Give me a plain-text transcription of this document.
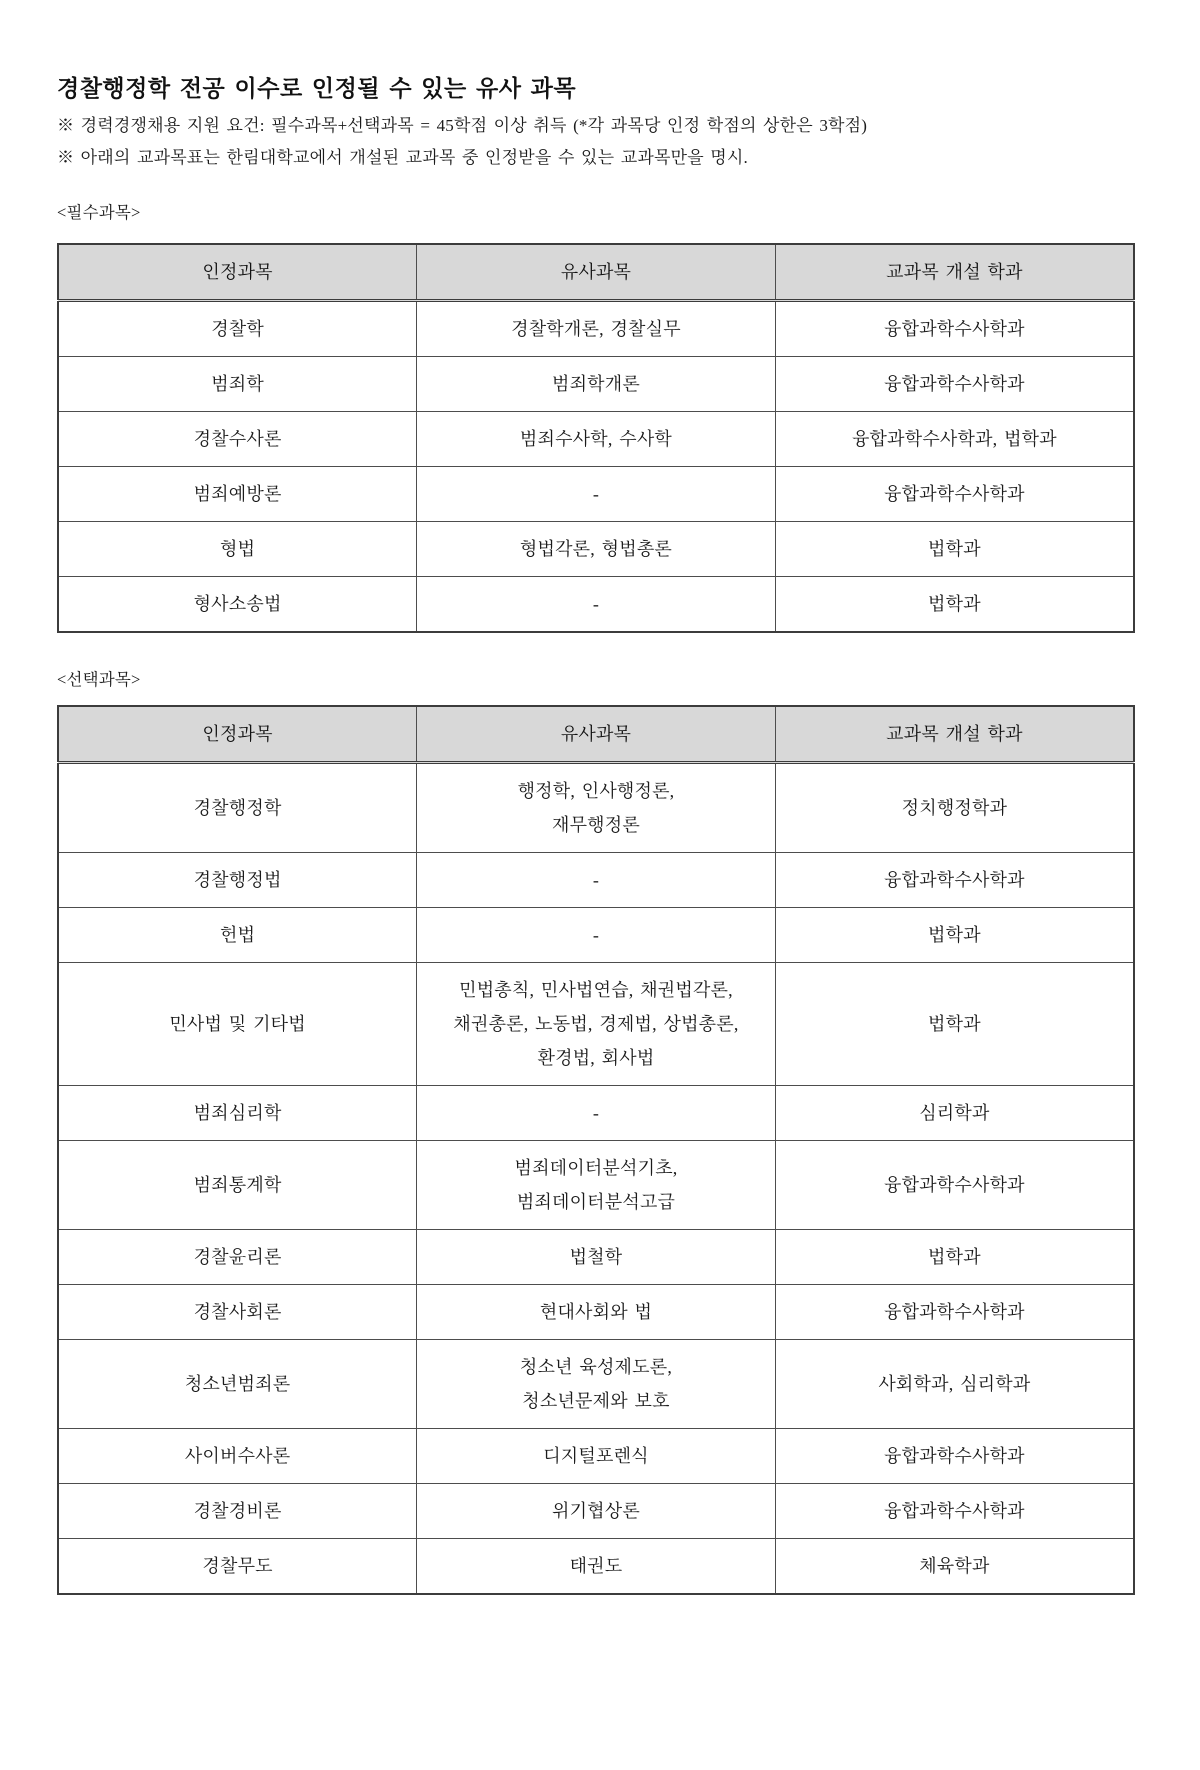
경찰행정학 전공 이수로 인정될 수 있는 유사 과목

※ 경력경쟁채용 지원 요건: 필수과목+선택과목 = 45학점 이상 취득 (*각 과목당 인정 학점의 상한은 3학점)

※ 아래의 교과목표는 한림대학교에서 개설된 교과목 중 인정받을 수 있는 교과목만을 명시.

<필수과목>
인정과목	유사과목	교과목 개설 학과

경찰학	경찰학개론, 경찰실무	융합과학수사학과

범죄학	범죄학개론	융합과학수사학과

경찰수사론	범죄수사학, 수사학	융합과학수사학과, 법학과

범죄예방론	-	융합과학수사학과

형법	형법각론, 형법총론	법학과

형사소송법	-	법학과
<선택과목>
인정과목	유사과목	교과목 개설 학과

경찰행정학	행정학, 인사행정론,
재무행정론	정치행정학과

경찰행정법	-	융합과학수사학과

헌법	-	법학과

민사법 및 기타법	민법총칙, 민사법연습, 채권법각론,
채권총론, 노동법, 경제법, 상법총론,
환경법, 회사법	법학과

범죄심리학	-	심리학과

범죄통계학	범죄데이터분석기초,
범죄데이터분석고급	융합과학수사학과

경찰윤리론	법철학	법학과

경찰사회론	현대사회와 법	융합과학수사학과

청소년범죄론	청소년 육성제도론,
청소년문제와 보호	사회학과, 심리학과

사이버수사론	디지털포렌식	융합과학수사학과

경찰경비론	위기협상론	융합과학수사학과

경찰무도	태권도	체육학과
